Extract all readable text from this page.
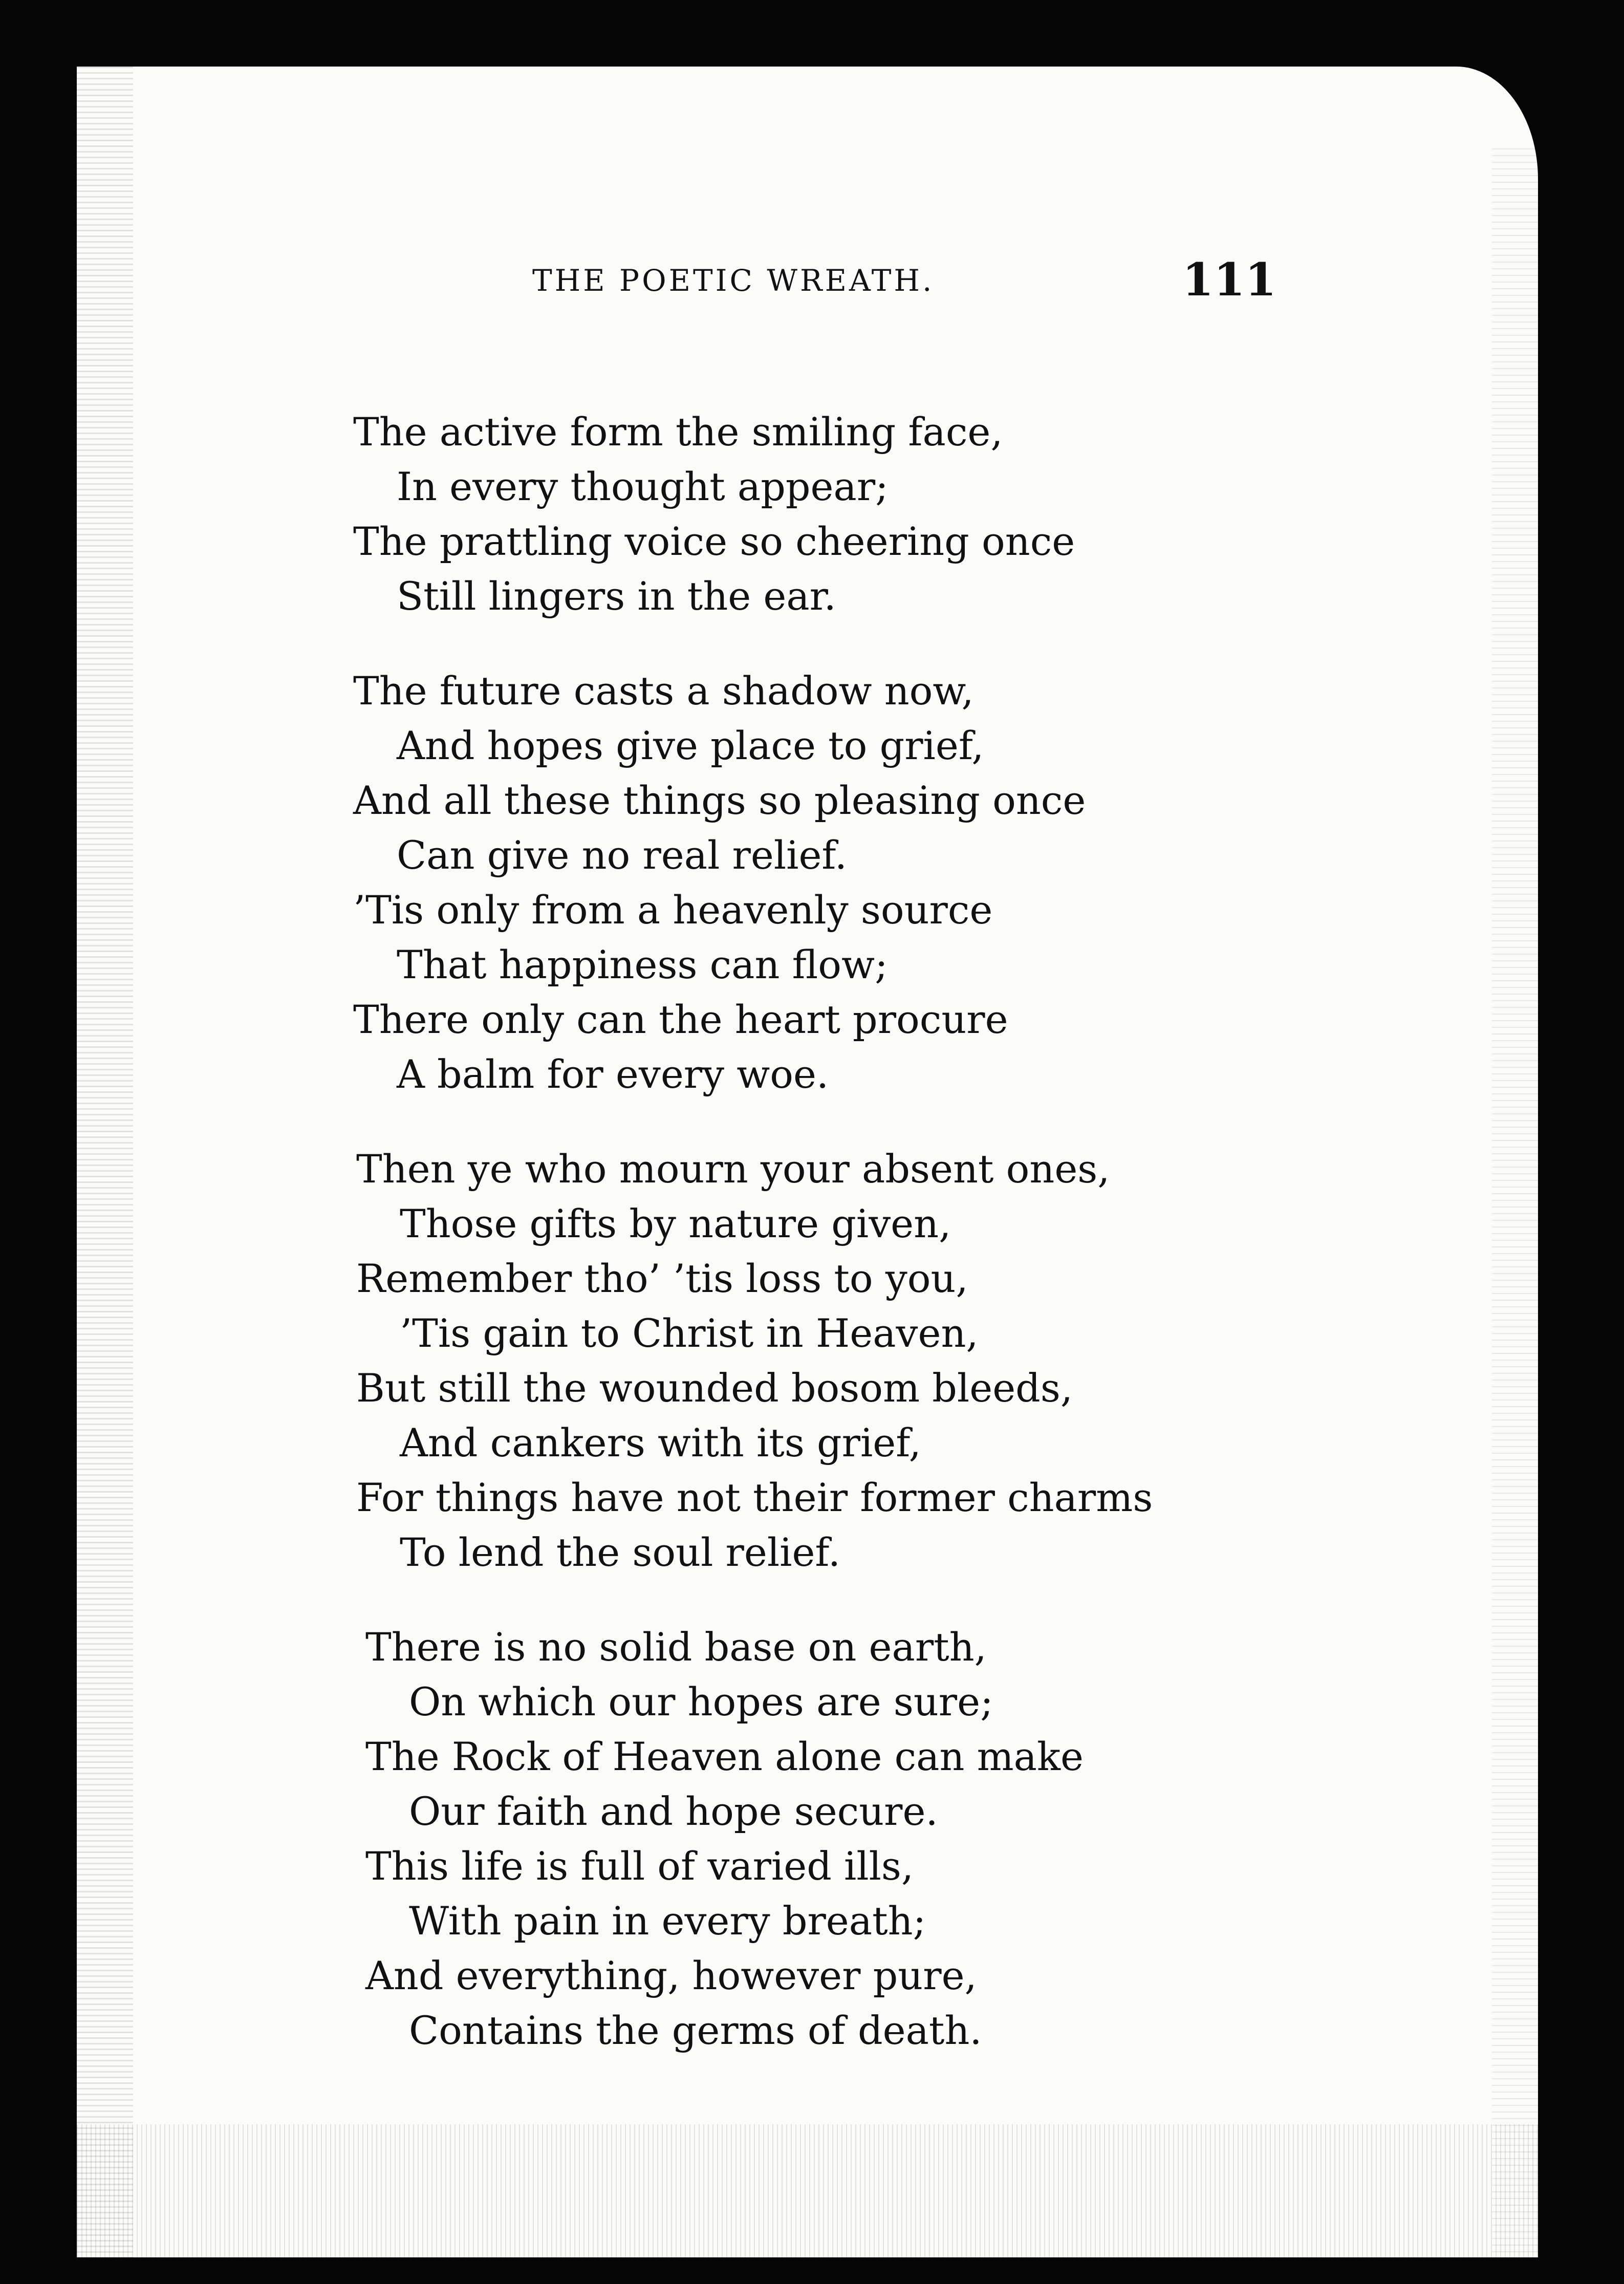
THE POETIC WREATH.	111
The active form the smiling face,
In every thought appear;
The prattling voice so cheering once
Still lingers in the ear.
The future casts a shadow now,
And hopes give place to grief,
And all these things so pleasing once
Can give no real relief.
’Tis only from a heavenly source
That happiness can flow;
There only can the heart procure
A balm for every woe.
Then ye who mourn your absent ones,
Those gifts by nature given,
Remember tho’ ’tis loss to you,
’Tis gain to Christ in Heaven,
But still the wounded bosom bleeds,
And cankers with its grief,
For things have not their former charms
To lend the soul relief.
There is no solid base on earth,
On which our hopes are sure;
The Rock of Heaven alone can make
Our faith and hope secure.
This life is full of varied ills,
With pain in every breath;
And everything, however pure,
Contains the germs of death.
